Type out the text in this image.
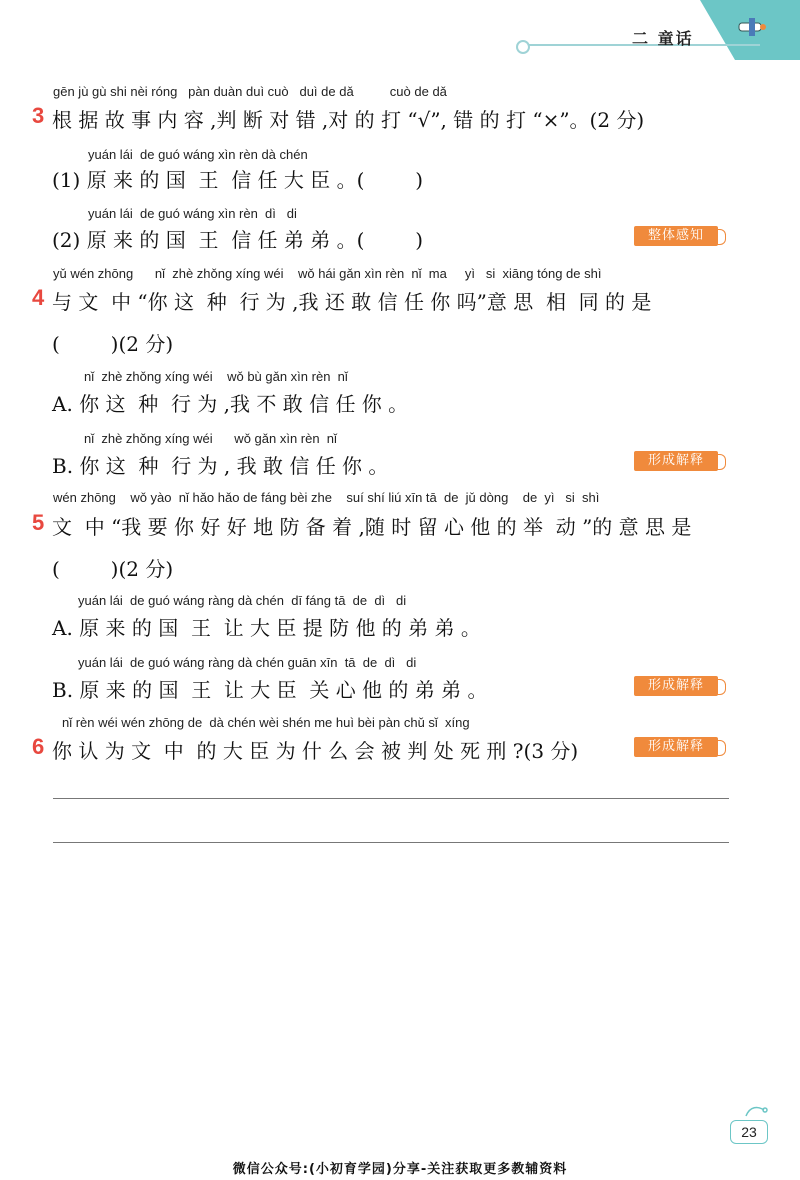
二 童话
gēn jù gù shi nèi róng   pàn duàn duì cuò   duì de dǎ          cuò de dǎ
3 根 据 故 事 内 容 ,判 断 对 错 ,对 的 打 “√”, 错 的 打 “×”。(2 分)
yuán lái  de guó wáng xìn rèn dà chén
(1) 原 来 的 国  王  信 任 大 臣 。(        )
yuán lái  de guó wáng xìn rèn  dì   di
(2) 原 来 的 国  王  信 任 弟 弟 。(        )	整体感知
yǔ wén zhōng      nǐ  zhè zhǒng xíng wéi    wǒ hái gǎn xìn rèn  nǐ  ma     yì   si  xiāng tóng de shì
4 与 文  中 “你 这  种  行 为 ,我 还 敢 信 任 你 吗”意 思  相  同 的 是
(        )(2 分)
nǐ  zhè zhǒng xíng wéi    wǒ bù gǎn xìn rèn  nǐ
A. 你 这  种  行 为 ,我 不 敢 信 任 你 。
nǐ  zhè zhǒng xíng wéi      wǒ gǎn xìn rèn  nǐ
B. 你 这  种  行 为 , 我 敢 信 任 你 。	形成解释
wén zhōng    wǒ yào  nǐ hǎo hǎo de fáng bèi zhe    suí shí liú xīn tā  de  jǔ dòng    de  yì   si  shì
5 文  中 “我 要 你 好 好 地 防 备 着 ,随 时 留 心 他 的 举  动 ”的 意 思 是
(        )(2 分)
yuán lái  de guó wáng ràng dà chén  dī fáng tā  de  dì   di
A. 原 来 的 国  王  让 大 臣 提 防 他 的 弟 弟 。
yuán lái  de guó wáng ràng dà chén guān xīn  tā  de  dì   di
B. 原 来 的 国  王  让 大 臣  关 心 他 的 弟 弟 。	形成解释
nǐ rèn wéi wén zhōng de  dà chén wèi shén me huì bèi pàn chǔ sǐ  xíng
6 你 认 为 文  中  的 大 臣 为 什 么 会 被 判 处 死 刑 ?(3 分)	形成解释
23
微信公众号:(小初育学园)分享-关注获取更多教辅资料
